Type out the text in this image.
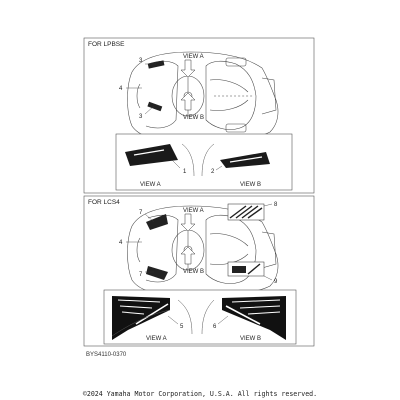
FOR LPBSE
VIEW A
VIEW B
3
4
3
1	2
VIEW A	VIEW B
FOR LCS4
VIEW A
VIEW B
7
4
7
8
9
5	6
VIEW A	VIEW B
BYS4110-0370
©2024 Yamaha Motor Corporation, U.S.A. All rights reserved.
